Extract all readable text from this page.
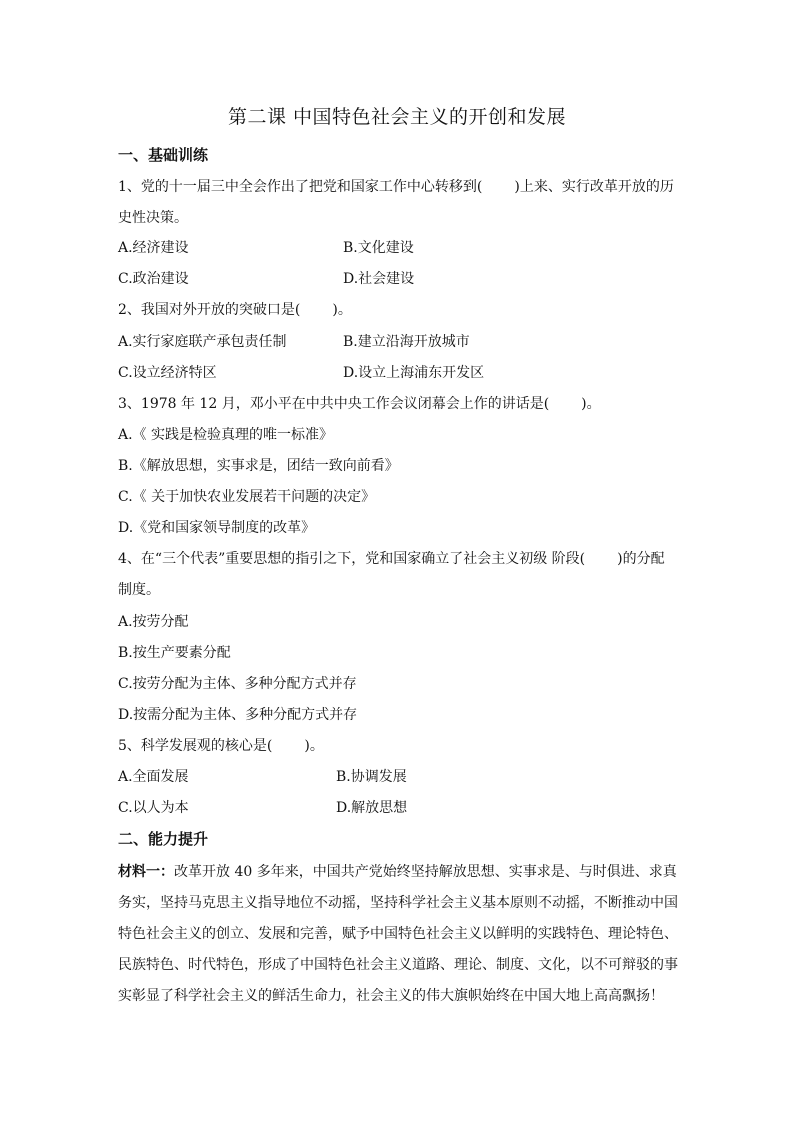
第二课 中国特色社会主义的开创和发展
一、基础训练
1、党的十一届三中全会作出了把党和国家工作中心转移到( )上来、实行改革开放的历
史性决策。
A.经济建设	B.文化建设
C.政治建设	D.社会建设
2、我国对外开放的突破口是( )。
A.实行家庭联产承包责任制	B.建立沿海开放城市
C.设立经济特区	D.设立上海浦东开发区
3、1978 年 12 月，邓小平在中共中央工作会议闭幕会上作的讲话是( )。
A.《 实践是检验真理的唯一标准》
B.《解放思想，实事求是，团结一致向前看》
C.《 关于加快农业发展若干问题的决定》
D.《党和国家领导制度的改革》
4、在“三个代表”重要思想的指引之下，党和国家确立了社会主义初级 阶段( )的分配
制度。
A.按劳分配
B.按生产要素分配
C.按劳分配为主体、多种分配方式并存
D.按需分配为主体、多种分配方式并存
5、科学发展观的核心是( )。
A.全面发展	B.协调发展
C.以人为本	D.解放思想
二、能力提升
材料一：改革开放 40 多年来，中国共产党始终坚持解放思想、实事求是、与时俱进、求真
务实，坚持马克思主义指导地位不动摇，坚持科学社会主义基本原则不动摇，不断推动中国
特色社会主义的创立、发展和完善，赋予中国特色社会主义以鲜明的实践特色、理论特色、
民族特色、时代特色，形成了中国特色社会主义道路、理论、制度、文化，以不可辩驳的事
实彰显了科学社会主义的鲜活生命力，社会主义的伟大旗帜始终在中国大地上高高飘扬！
